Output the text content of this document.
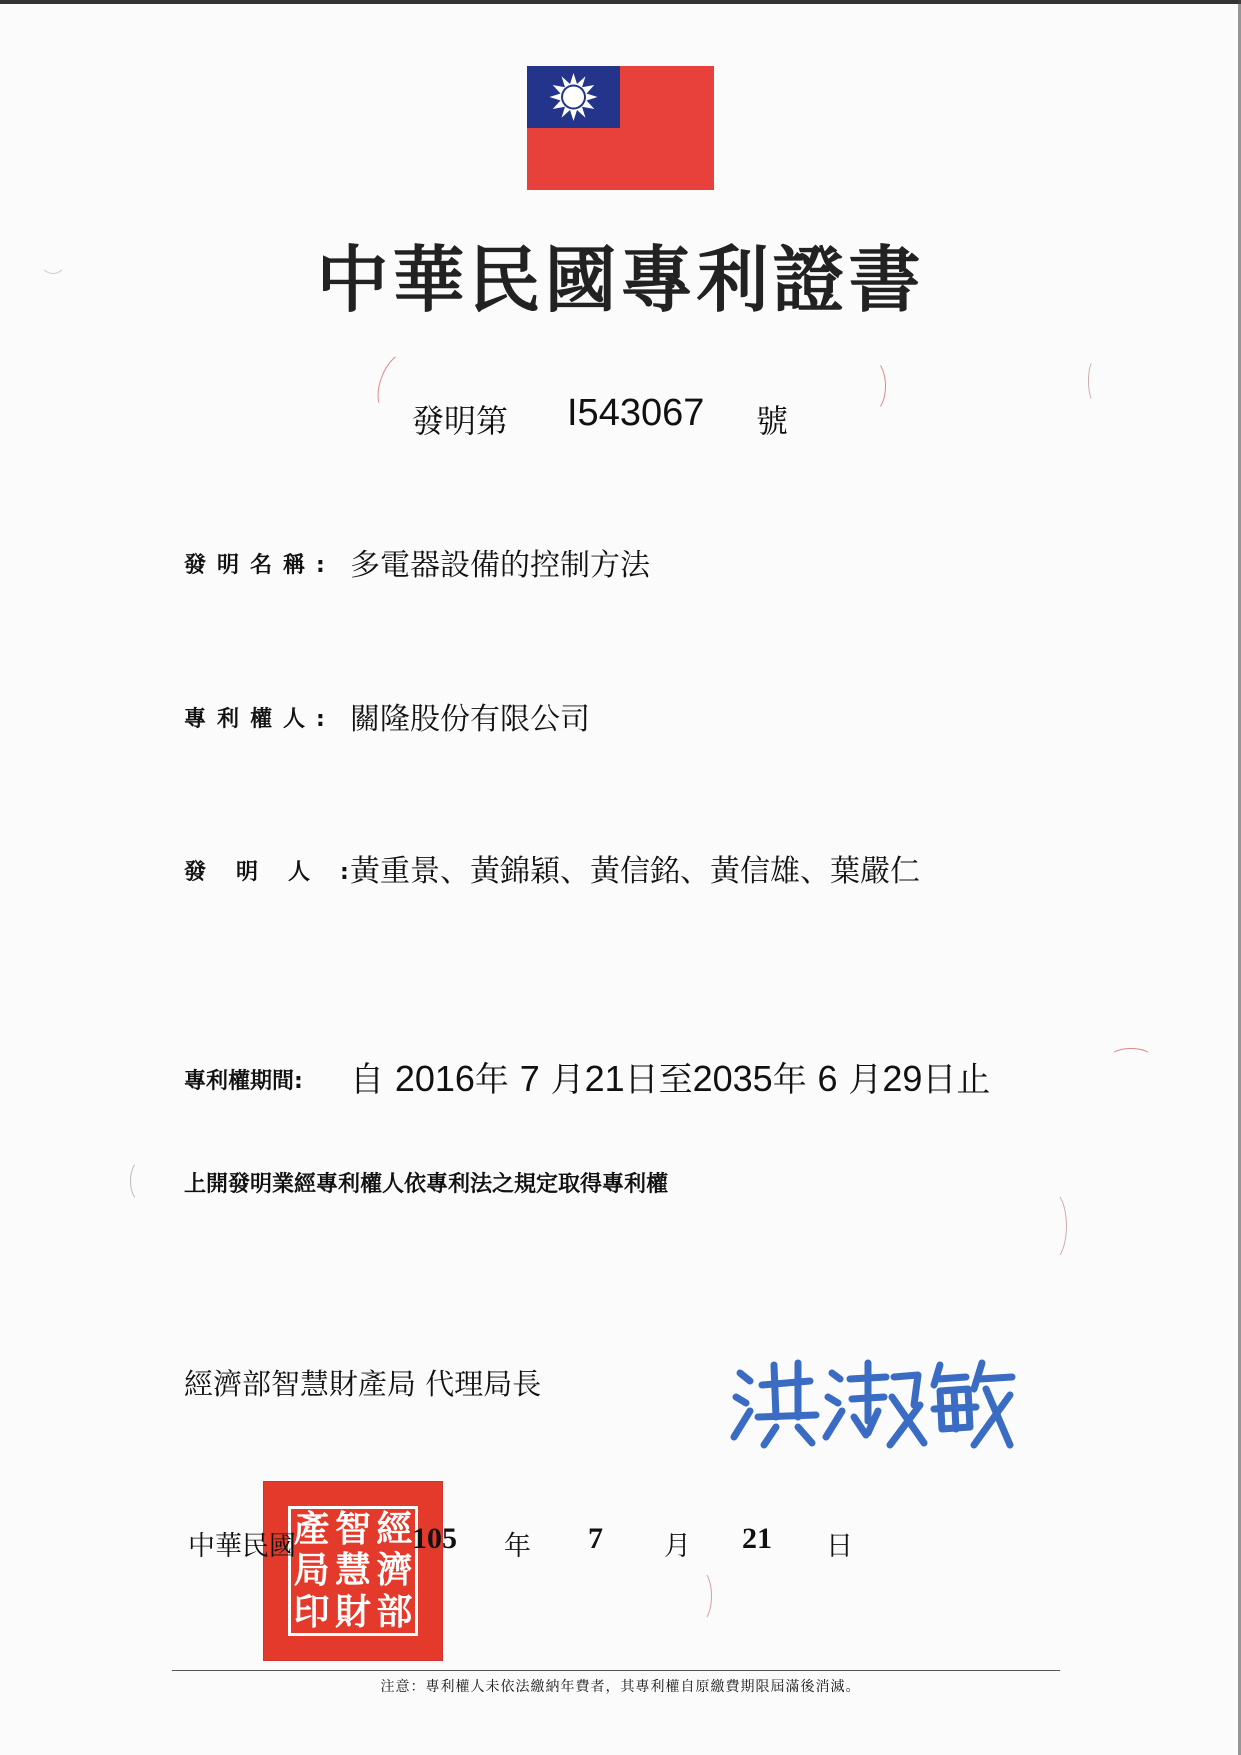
中華民國專利證書
發明第 I543067 號
發明名稱: 多電器設備的控制方法
專利權人: 關隆股份有限公司
發明人: 黃重景、黃錦穎、黃信銘、黃信雄、葉嚴仁
專利權期間: 自 2016年 7 月21日至2035年 6 月29日止
上開發明業經專利權人依專利法之規定取得專利權
經濟部智慧財產局 代理局長
產 智 經
局 慧 濟
印 財 部
中華民國	105 年 7 月 21 日
注意：專利權人未依法繳納年費者，其專利權自原繳費期限屆滿後消滅。
